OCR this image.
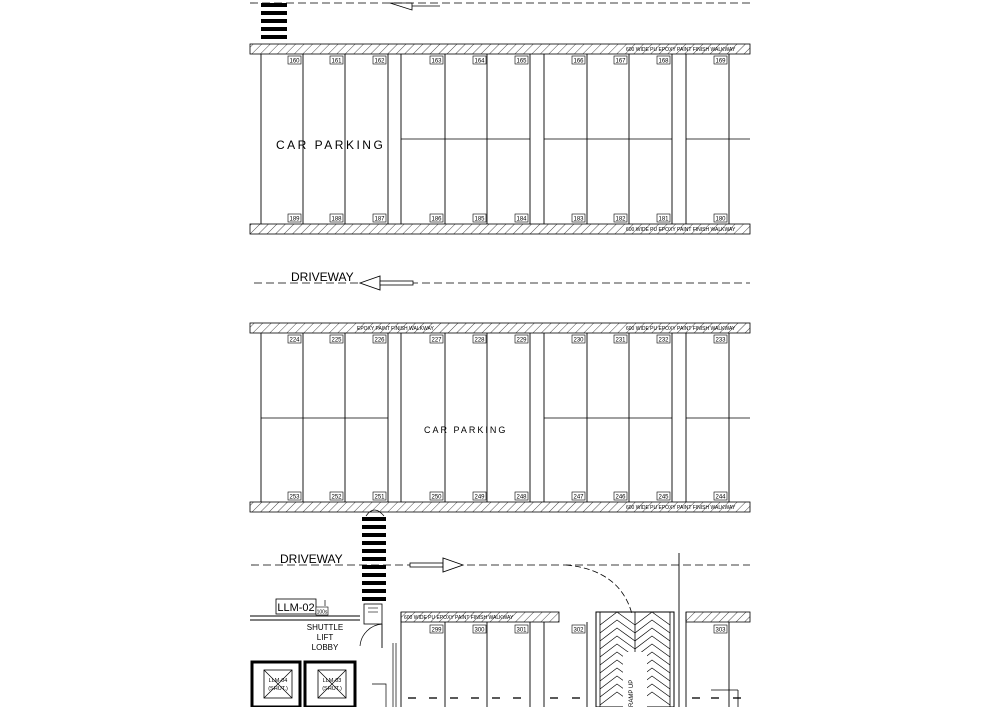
600 WIDE PU EPOXY PAINT FINISH WALKWAY
600 WIDE PU EPOXY PAINT FINISH WALKWAY
CAR PARKING
160	161	162	163	164	165	166	167	168	169
189	188	187	186	185	184	183	182	181	180
DRIVEWAY
EPOXY PAINT FINISH WALKWAY	600 WIDE PU EPOXY PAINT FINISH WALKWAY
600 WIDE PU EPOXY PAINT FINISH WALKWAY
CAR PARKING
224	225	226	227	228	229	230	231	232	233
253	252	251	250	249	248	247	246	245	244
DRIVEWAY
LLM-02 100s
SHUTTLE
LIFT
LOBBY
LLM-04
(SHUT.)
LLM-03
(SHUT.)
600 WIDE PU EPOXY PAINT FINISH WALKWAY
299	300	301	302	303
RAMP UP
